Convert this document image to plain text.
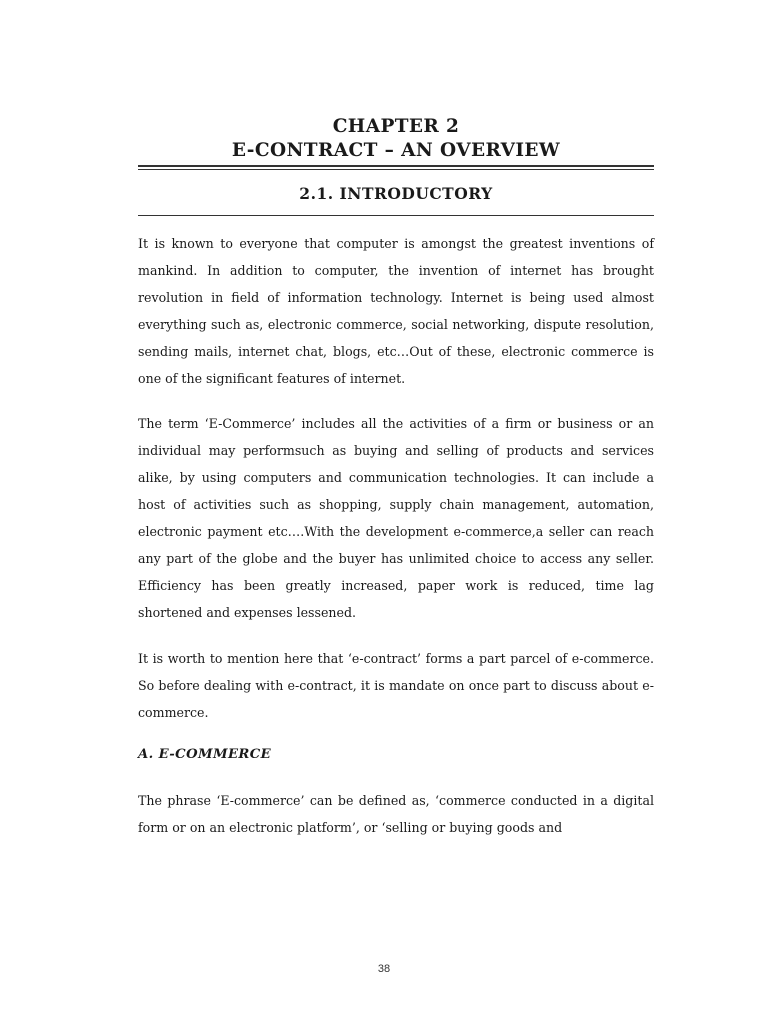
CHAPTER 2
E-CONTRACT – AN OVERVIEW
2.1. INTRODUCTORY

It is known to everyone that computer is amongst the greatest inventions of mankind. In addition to computer, the invention of internet has brought revolution in field of information technology. Internet is being used almost everything such as, electronic commerce, social networking, dispute resolution, sending mails, internet chat, blogs, etc…Out of these, electronic commerce is one of the significant features of internet.

The term ‘E-Commerce’ includes all the activities of a firm or business or an individual may performsuch as buying and selling of products and services alike, by using computers and communication technologies. It can include a host of activities such as shopping, supply chain management, automation, electronic payment etc….With the development e-commerce,a seller can reach any part of the globe and the buyer has unlimited choice to access any seller. Efficiency has been greatly increased, paper work is reduced, time lag shortened and expenses lessened.

It is worth to mention here that ‘e-contract’ forms a part parcel of e-commerce. So before dealing with e-contract, it is mandate on once part to discuss about e-commerce.

A. E-COMMERCE

The phrase ‘E-commerce’ can be defined as, ‘commerce conducted in a digital form or on an electronic platform’, or ‘selling or buying goods and

38
